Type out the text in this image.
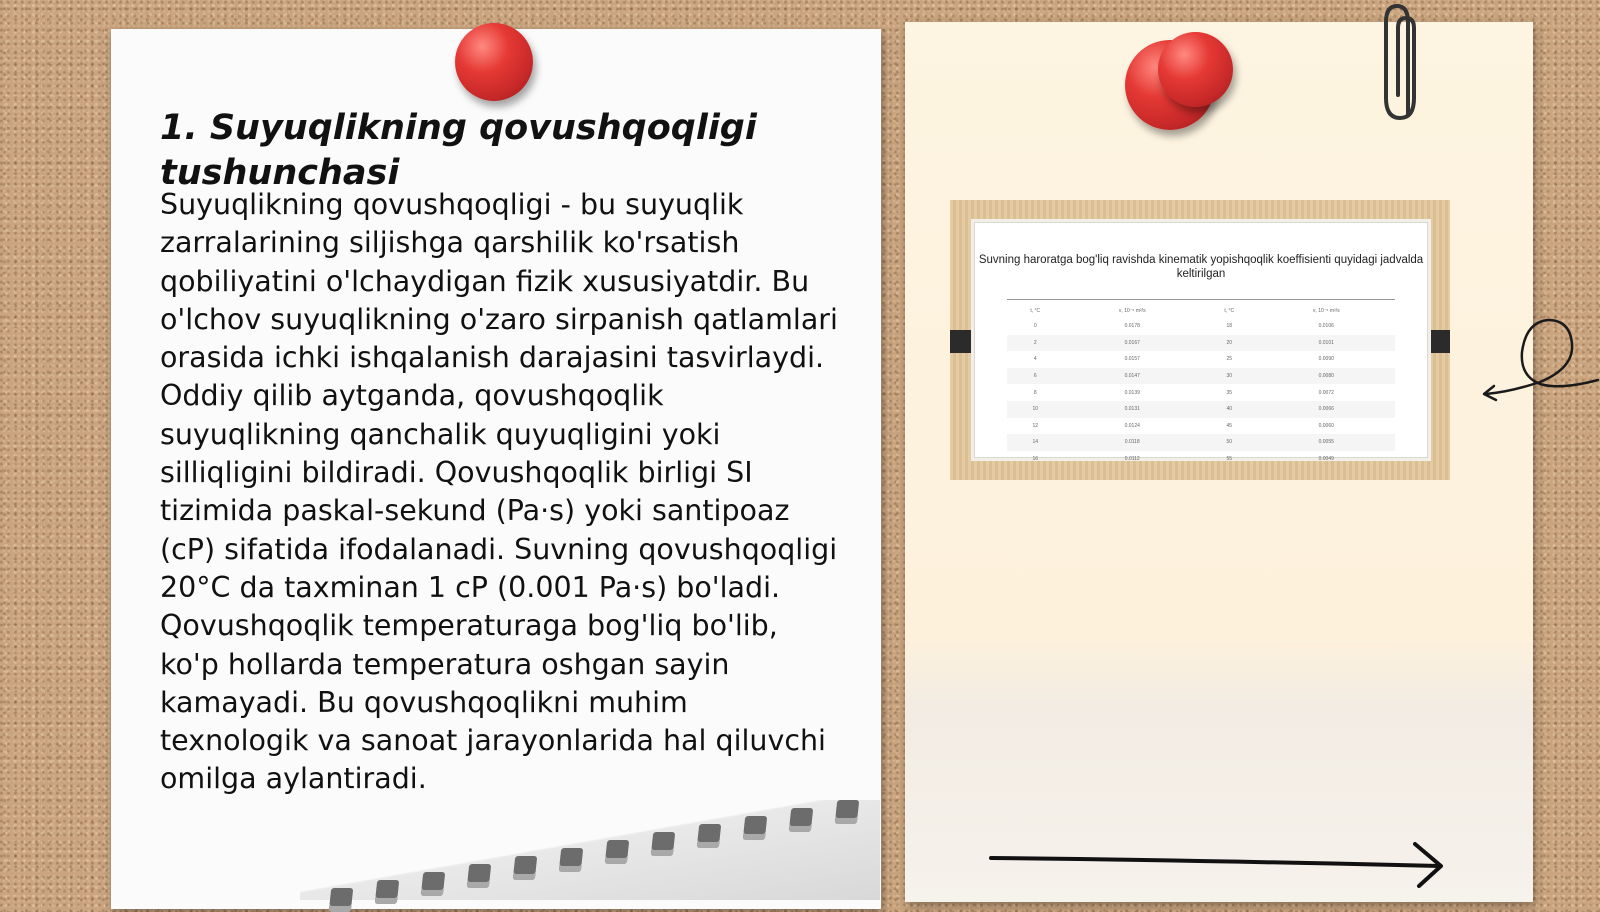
1. Suyuqlikning qovushqoqligi tushunchasi

Suyuqlikning qovushqoqligi - bu suyuqlik zarralarining siljishga qarshilik ko'rsatish qobiliyatini o'lchaydigan fizik xususiyatdir. Bu o'lchov suyuqlikning o'zaro sirpanish qatlamlari orasida ichki ishqalanish darajasini tasvirlaydi. Oddiy qilib aytganda, qovushqoqlik suyuqlikning qanchalik quyuqligini yoki silliqligini bildiradi. Qovushqoqlik birligi SI tizimida paskal-sekund (Pa·s) yoki santipoaz (cP) sifatida ifodalanadi. Suvning qovushqoqligi 20°C da taxminan 1 cP (0.001 Pa·s) bo'ladi. Qovushqoqlik temperaturaga bog'liq bo'lib, ko'p hollarda temperatura oshgan sayin kamayadi. Bu qovushqoqlikni muhim texnologik va sanoat jarayonlarida hal qiluvchi omilga aylantiradi.

Suvning haroratga bog'liq ravishda kinematik yopishqoqlik koeffisienti quyidagi jadvalda keltirilgan
t, °C	ν, 10⁻⁶ m²/s	t, °C	ν, 10⁻⁶ m²/s
0	0.0178	18	0.0106
2	0.0167	20	0.0101
4	0.0157	25	0.0090
6	0.0147	30	0.0080
8	0.0139	35	0.0072
10	0.0131	40	0.0066
12	0.0124	45	0.0060
14	0.0118	50	0.0055
16	0.0112	55	0.0049
